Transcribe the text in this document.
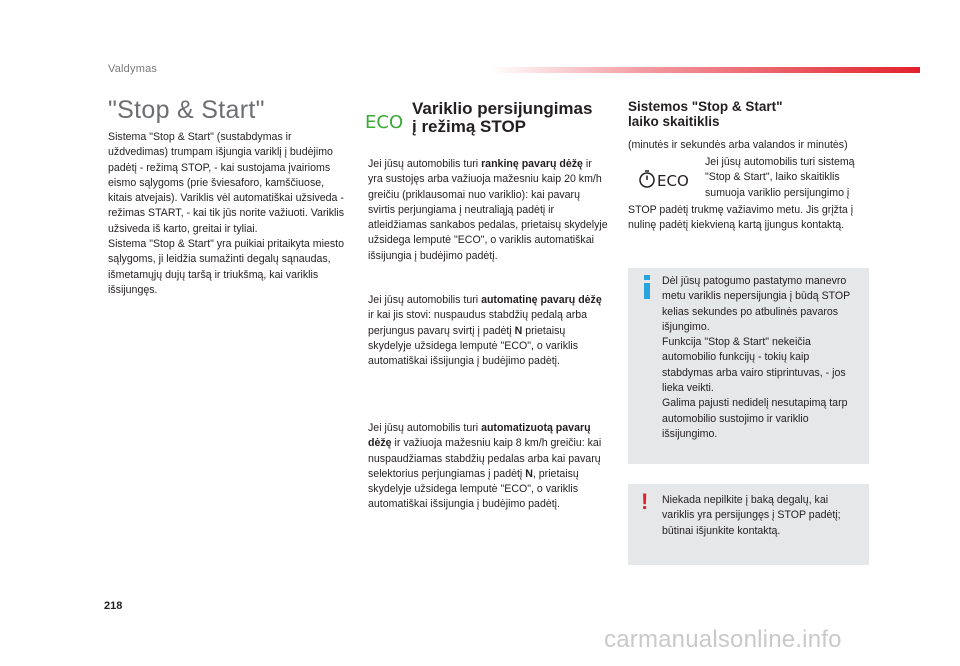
Valdymas
"Stop & Start"

Sistema "Stop & Start" (sustabdymas ir uždvedimas) trumpam išjungia variklį į budėjimo padėtį - režimą STOP, - kai sustojama įvairioms eismo sąlygoms (prie šviesaforo, kamščiuose, kitais atvejais). Variklis vėl automatiškai užsiveda - režimas START, - kai tik jūs norite važiuoti. Variklis užsiveda iš karto, greitai ir tyliai.

Sistema "Stop & Start" yra puikiai pritaikyta miesto sąlygoms, ji leidžia sumažinti degalų sąnaudas, išmetamųjų dujų taršą ir triukšmą, kai variklis išsijungęs.

ECO
Variklio persijungimas
į režimą STOP
Jei jūsų automobilis turi rankinę pavarų dėžę ir yra sustojęs arba važiuoja mažesniu kaip 20 km/h greičiu (priklausomai nuo variklio): kai pavarų svirtis perjungiama į neutraliąją padėtį ir atleidžiamas sankabos pedalas, prietaisų skydelyje užsidega lemputė "ECO", o variklis automatiškai išsijungia į budėjimo padėtį.
Jei jūsų automobilis turi automatinę pavarų dėžę ir kai jis stovi: nuspaudus stabdžių pedalą arba perjungus pavarų svirtį į padėtį N prietaisų skydelyje užsidega lemputė "ECO", o variklis automatiškai išsijungia į budėjimo padėtį.
Jei jūsų automobilis turi automatizuotą pavarų dėžę ir važiuoja mažesniu kaip 8 km/h greičiu: kai nuspaudžiamas stabdžių pedalas arba kai pavarų selektorius perjungiamas į padėtį N, prietaisų skydelyje užsidega lemputė "ECO", o variklis automatiškai išsijungia į budėjimo padėtį.
Sistemos "Stop & Start"
laiko skaitiklis
(minutės ir sekundės arba valandos ir minutės)
ECO
Jei jūsų automobilis turi sistemą "Stop & Start", laiko skaitiklis sumuoja variklio persijungimo į
STOP padėtį trukmę važiavimo metu. Jis grįžta į nulinę padėtį kiekvieną kartą įjungus kontaktą.

Dėl jūsų patogumo pastatymo manevro metu variklis nepersijungia į būdą STOP kelias sekundes po atbulinės pavaros išjungimo.

Funkcija "Stop & Start" nekeičia automobilio funkcijų - tokių kaip stabdymas arba vairo stiprintuvas, - jos lieka veikti.

Galima pajusti nedidelį nesutapimą tarp automobilio sustojimo ir variklio išsijungimo.

! Niekada nepilkite į baką degalų, kai variklis yra persijungęs į STOP padėtį; būtinai išjunkite kontaktą.
218
carmanualsonline.info
